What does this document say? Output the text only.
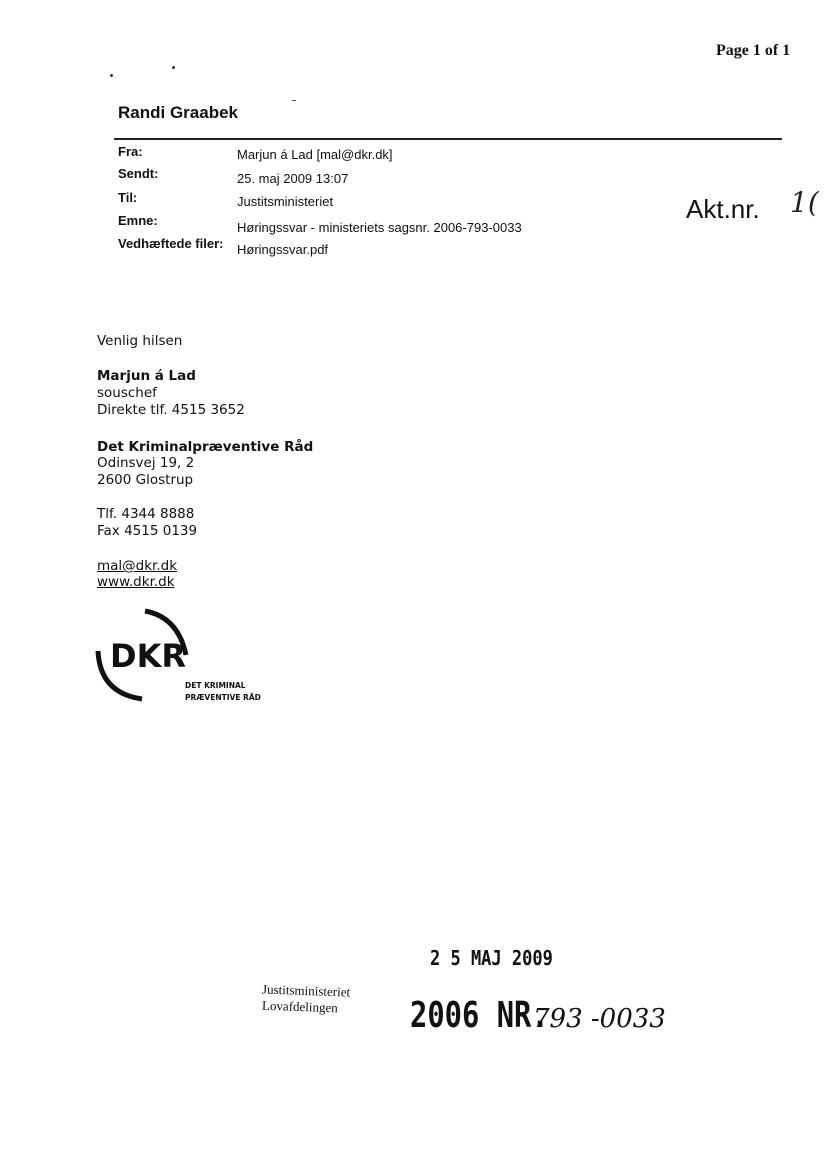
Page 1 of 1
Randi Graabek
Fra:	Marjun á Lad [mal@dkr.dk]
Sendt:	25. maj 2009 13:07
Til:	Justitsministeriet
Emne:	Høringssvar - ministeriets sagsnr. 2006-793-0033
Vedhæftede filer: Høringssvar.pdf
Akt.nr. 1(
Venlig hilsen
Marjun á Lad
souschef
Direkte tlf. 4515 3652
Det Kriminalpræventive Råd
Odinsvej 19, 2
2600 Glostrup
Tlf. 4344 8888
Fax 4515 0139
mal@dkr.dk
www.dkr.dk
DKR
DET KRIMINAL
PRÆVENTIVE RÅD
2 5 MAJ 2009
Justitsministeriet
Lovafdelingen 2006 NR.
793 -0033
